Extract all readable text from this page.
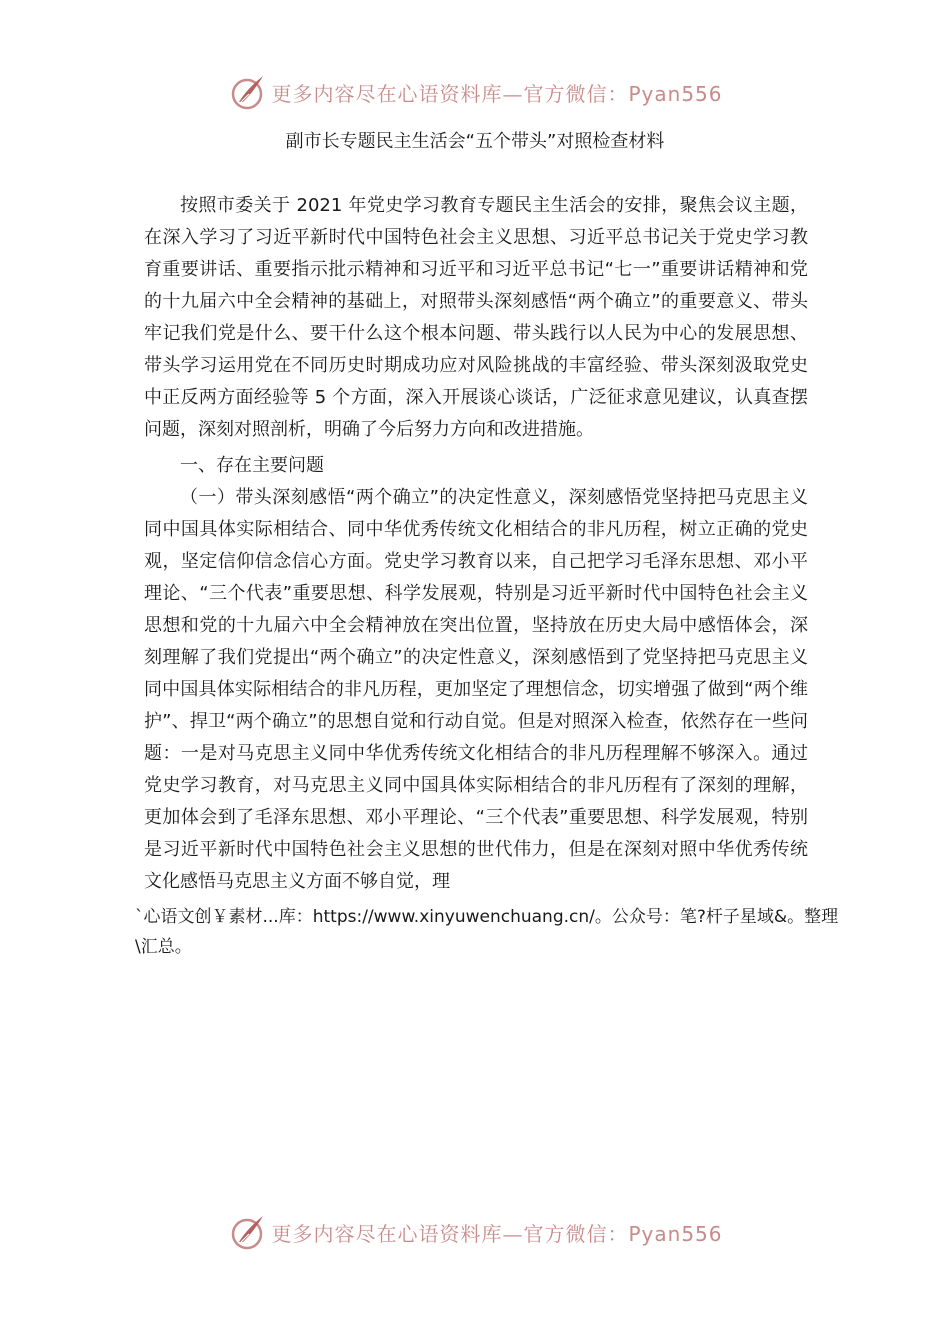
更多内容尽在心语资料库—官方微信：Pyan556
副市长专题民主生活会“五个带头”对照检查材料

按照市委关于 2021 年党史学习教育专题民主生活会的安排，聚焦会议主题，在深入学习了习近平新时代中国特色社会主义思想、习近平总书记关于党史学习教育重要讲话、重要指示批示精神和习近平和习近平总书记“七一”重要讲话精神和党的十九届六中全会精神的基础上，对照带头深刻感悟“两个确立”的重要意义、带头牢记我们党是什么、要干什么这个根本问题、带头践行以人民为中心的发展思想、带头学习运用党在不同历史时期成功应对风险挑战的丰富经验、带头深刻汲取党史中正反两方面经验等 5 个方面，深入开展谈心谈话，广泛征求意见建议，认真查摆问题，深刻对照剖析，明确了今后努力方向和改进措施。

一、存在主要问题

（一）带头深刻感悟“两个确立”的决定性意义，深刻感悟党坚持把马克思主义同中国具体实际相结合、同中华优秀传统文化相结合的非凡历程，树立正确的党史观，坚定信仰信念信心方面。党史学习教育以来，自己把学习毛泽东思想、邓小平理论、“三个代表”重要思想、科学发展观，特别是习近平新时代中国特色社会主义思想和党的十九届六中全会精神放在突出位置，坚持放在历史大局中感悟体会，深刻理解了我们党提出“两个确立”的决定性意义，深刻感悟到了党坚持把马克思主义同中国具体实际相结合的非凡历程，更加坚定了理想信念，切实增强了做到“两个维护”、捍卫“两个确立”的思想自觉和行动自觉。但是对照深入检查，依然存在一些问题：一是对马克思主义同中华优秀传统文化相结合的非凡历程理解不够深入。通过党史学习教育，对马克思主义同中国具体实际相结合的非凡历程有了深刻的理解，更加体会到了毛泽东思想、邓小平理论、“三个代表”重要思想、科学发展观，特别是习近平新时代中国特色社会主义思想的世代伟力，但是在深刻对照中华优秀传统文化感悟马克思主义方面不够自觉，理

`心语文创￥素材...库：https://www.xinyuwenchuang.cn/。公众号：笔?杆子星域&。整理\汇总。

更多内容尽在心语资料库—官方微信：Pyan556
